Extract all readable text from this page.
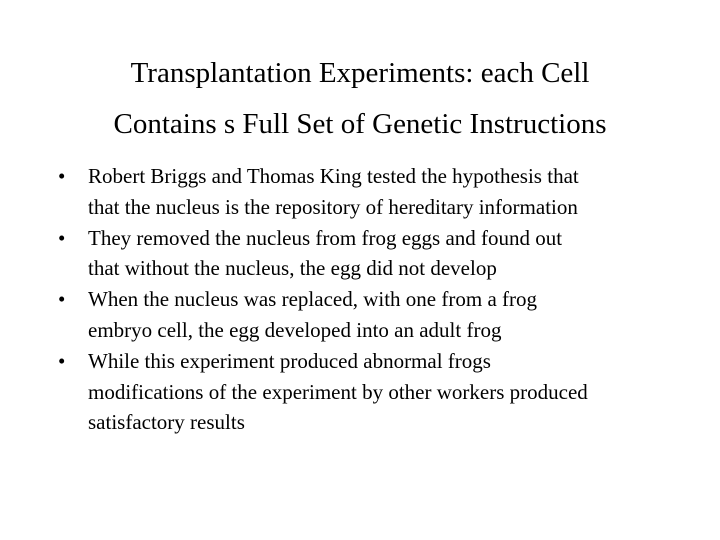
Transplantation Experiments: each Cell
Contains s Full Set of Genetic Instructions
•	Robert Briggs and Thomas King tested the hypothesis that
that the nucleus is the repository of hereditary information
•	They removed the nucleus from frog eggs and found out
that without the nucleus, the egg did not develop
•	When the nucleus was replaced, with one from a frog
embryo cell, the egg developed into an adult frog
•	While this experiment produced abnormal frogs
modifications of the experiment by other workers produced
satisfactory results
